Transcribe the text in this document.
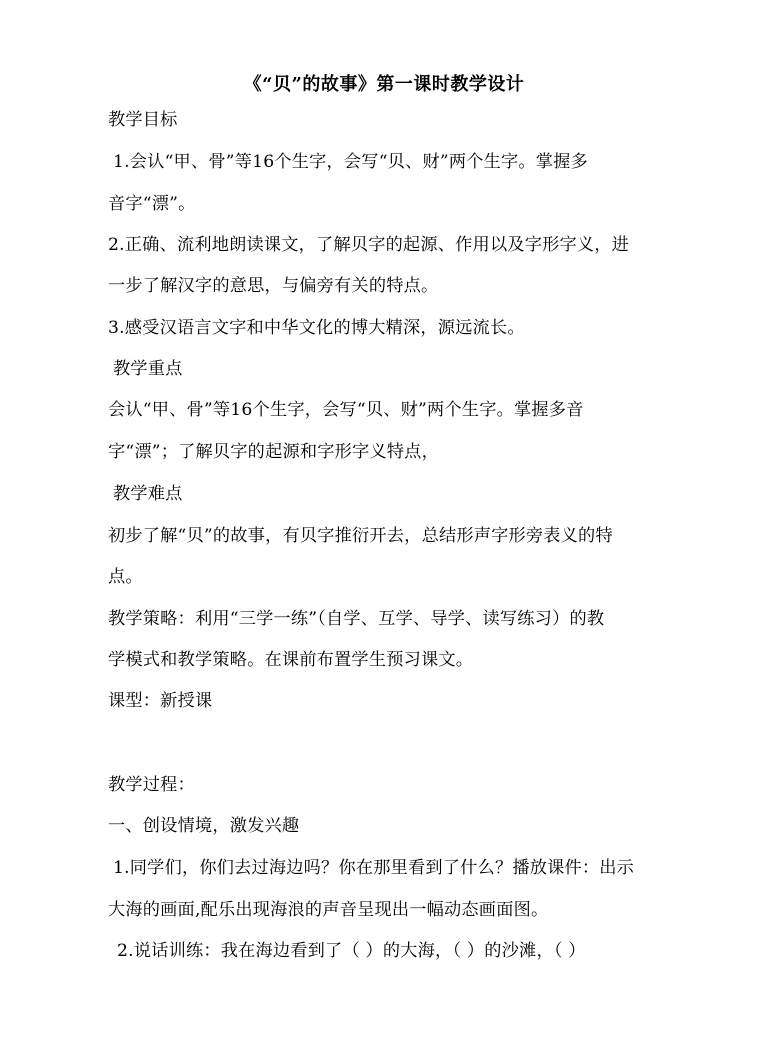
《“贝”的故事》第一课时教学设计
教学目标
1.会认“甲、骨”等16个生字，会写“贝、财”两个生字。掌握多
音字“漂”。
2.正确、流利地朗读课文，了解贝字的起源、作用以及字形字义，进
一步了解汉字的意思，与偏旁有关的特点。
3.感受汉语言文字和中华文化的博大精深，源远流长。
教学重点
会认“甲、骨”等16个生字，会写“贝、财”两个生字。掌握多音
字“漂”；了解贝字的起源和字形字义特点，
教学难点
初步了解“贝”的故事，有贝字推衍开去，总结形声字形旁表义的特
点。
教学策略：利用“三学一练”（自学、互学、导学、读写练习）的教
学模式和教学策略。在课前布置学生预习课文。
课型：新授课
教学过程：
一、创设情境，激发兴趣
1.同学们，你们去过海边吗？你在那里看到了什么？播放课件：出示
大海的画面,配乐出现海浪的声音呈现出一幅动态画面图。
2.说话训练：我在海边看到了（ ）的大海，（ ）的沙滩，（ ）
